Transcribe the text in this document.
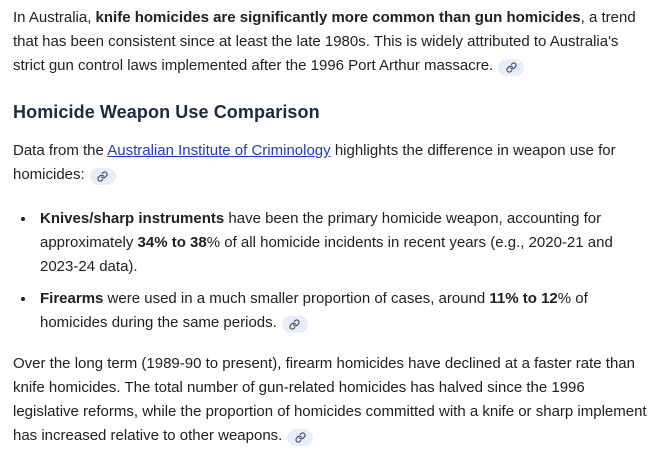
In Australia, knife homicides are significantly more common than gun homicides, a trend that has been consistent since at least the late 1980s. This is widely attributed to Australia's strict gun control laws implemented after the 1996 Port Arthur massacre.

Homicide Weapon Use Comparison

Data from the Australian Institute of Criminology highlights the difference in weapon use for homicides:

Knives/sharp instruments have been the primary homicide weapon, accounting for approximately 34% to 38% of all homicide incidents in recent years (e.g., 2020-21 and 2023-24 data).
Firearms were used in a much smaller proportion of cases, around 11% to 12% of homicides during the same periods.

Over the long term (1989-90 to present), firearm homicides have declined at a faster rate than knife homicides. The total number of gun-related homicides has halved since the 1996 legislative reforms, while the proportion of homicides committed with a knife or sharp implement has increased relative to other weapons.
